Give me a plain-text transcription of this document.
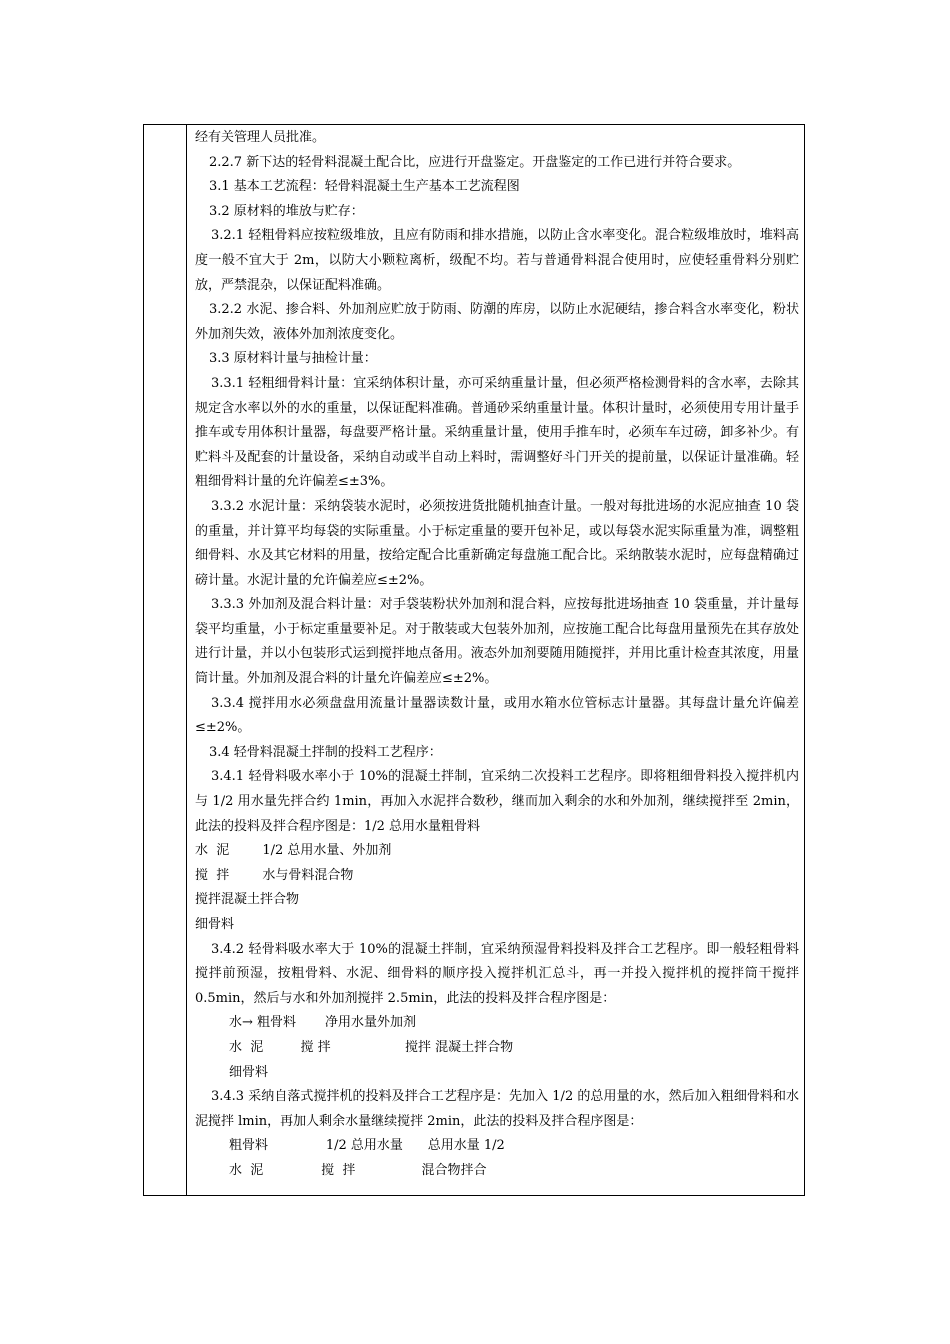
经有关管理人员批准。

2.2.7 新下达的轻骨料混凝土配合比，应进行开盘鉴定。开盘鉴定的工作已进行并符合要求。

3.1 基本工艺流程：轻骨料混凝土生产基本工艺流程图

3.2 原材料的堆放与贮存：

3.2.1 轻粗骨料应按粒级堆放，且应有防雨和排水措施，以防止含水率变化。混合粒级堆放时，堆料高度一般不宜大于 2m，以防大小颗粒离析，级配不均。若与普通骨料混合使用时，应使轻重骨料分别贮放，严禁混杂，以保证配料准确。

3.2.2 水泥、掺合料、外加剂应贮放于防雨、防潮的库房，以防止水泥硬结，掺合料含水率变化，粉状外加剂失效，液体外加剂浓度变化。

3.3 原材料计量与抽检计量：

3.3.1 轻粗细骨料计量：宜采纳体积计量，亦可采纳重量计量，但必须严格检测骨料的含水率，去除其规定含水率以外的水的重量，以保证配料准确。普通砂采纳重量计量。体积计量时，必须使用专用计量手推车或专用体积计量器，每盘要严格计量。采纳重量计量，使用手推车时，必须车车过磅，卸多补少。有贮料斗及配套的计量设备，采纳自动或半自动上料时，需调整好斗门开关的提前量，以保证计量准确。轻粗细骨料计量的允许偏差≤±3%。

3.3.2 水泥计量：采纳袋装水泥时，必须按进货批随机抽查计量。一般对每批进场的水泥应抽查 10 袋的重量，并计算平均每袋的实际重量。小于标定重量的要开包补足，或以每袋水泥实际重量为准，调整粗细骨料、水及其它材料的用量，按给定配合比重新确定每盘施工配合比。采纳散装水泥时，应每盘精确过磅计量。水泥计量的允许偏差应≤±2%。

3.3.3 外加剂及混合料计量：对手袋装粉状外加剂和混合料，应按每批进场抽查 10 袋重量，并计量每袋平均重量，小于标定重量要补足。对于散装或大包装外加剂，应按施工配合比每盘用量预先在其存放处进行计量，并以小包装形式运到搅拌地点备用。液态外加剂要随用随搅拌，并用比重计检查其浓度，用量筒计量。外加剂及混合料的计量允许偏差应≤±2%。

3.3.4 搅拌用水必须盘盘用流量计量器读数计量，或用水箱水位管标志计量器。其每盘计量允许偏差≤±2%。

3.4 轻骨料混凝土拌制的投料工艺程序：

3.4.1 轻骨料吸水率小于 10%的混凝土拌制，宜采纳二次投料工艺程序。即将粗细骨料投入搅拌机内与 1/2 用水量先拌合约 1min，再加入水泥拌合数秒，继而加入剩余的水和外加剂，继续搅拌至 2min，此法的投料及拌合程序图是：1/2 总用水量粗骨料

水  泥        1/2 总用水量、外加剂

搅  拌        水与骨料混合物

搅拌混凝土拌合物

细骨料

3.4.2 轻骨料吸水率大于 10%的混凝土拌制，宜采纳预湿骨料投料及拌合工艺程序。即一般轻粗骨料搅拌前预湿，按粗骨料、水泥、细骨料的顺序投入搅拌机汇总斗，再一并投入搅拌机的搅拌筒干搅拌 0.5min，然后与水和外加剂搅拌 2.5min，此法的投料及拌合程序图是：

水→ 粗骨料       净用水量外加剂

水  泥         搅 拌                  搅拌 混凝土拌合物

细骨料

3.4.3 采纳自落式搅拌机的投料及拌合工艺程序是：先加入 1/2 的总用量的水，然后加入粗细骨料和水泥搅拌 lmin，再加人剩余水量继续搅拌 2min，此法的投料及拌合程序图是：

粗骨料              1/2 总用水量      总用水量 1/2

水  泥              搅  拌                混合物拌合
